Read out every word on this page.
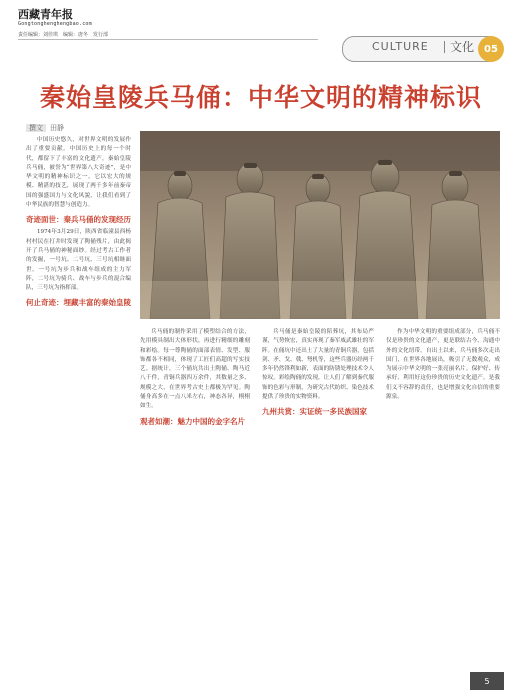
西藏青年报
Gongtonghenghengbao.com
责任编辑：刘佳琪　编辑：唐冬　发行部
CULTURE 文化	05
秦始皇陵兵马俑：中华文明的精神标识
撰文 田静

中国历史悠久，对世界文明的发展作出了重要贡献。中国历史上的每一个时代，都留下了丰富的文化遗产。秦始皇陵兵马俑，被誉为“世界第八大奇迹”，是中华文明的精神标识之一。它以宏大的规模、精湛的技艺，展现了两千多年前秦帝国的强盛国力与文化风貌，让我们看到了中华民族的智慧与创造力。

奇迹面世：秦兵马俑的发现经历

1974年3月29日，陕西省临潼县西杨村村民在打井时发现了陶俑残片，由此揭开了兵马俑的神秘面纱。经过考古工作者的发掘，一号坑、二号坑、三号坑相继面世。一号坑为步兵和战车组成的主力军阵，二号坑为骑兵、战车与步兵的混合编队，三号坑为指挥部。

何止奇迹：埋藏丰富的秦始皇陵

兵马俑的制作采用了模塑结合的方法，先用模具制出大体形状，再进行精细的雕刻和彩绘。每一尊陶俑的面部表情、发型、服饰都各不相同，体现了工匠们高超的写实技艺。据统计，三个俑坑共出土陶俑、陶马近八千件，青铜兵器四万余件，其数量之多、规模之大，在世界考古史上都极为罕见。陶俑身高多在一点八米左右，神态各异，栩栩如生。

观者如潮：魅力中国的金字名片

兵马俑是秦始皇陵的陪葬坑，其布局严谨，气势恢宏，真实再现了秦军威武雄壮的军阵。在俑坑中还出土了大量的青铜兵器，包括剑、矛、戈、戟、弩机等，这些兵器历经两千多年仍然锋利如新，表面的防锈处理技术令人惊叹。彩绘陶俑的发现，让人们了解到秦代服饰的色彩与形制，为研究古代纺织、染色技术提供了珍贵的实物资料。

九州共赏：实证统一多民族国家

作为中华文明的重要组成部分，兵马俑不仅是珍贵的文化遗产，更是联结古今、沟通中外的文化纽带。自出土以来，兵马俑多次走出国门，在世界各地展出，吸引了无数观众，成为展示中华文明的一张亮丽名片。保护好、传承好、利用好这份珍贵的历史文化遗产，是我们义不容辞的责任，也是增强文化自信的重要源泉。

5
